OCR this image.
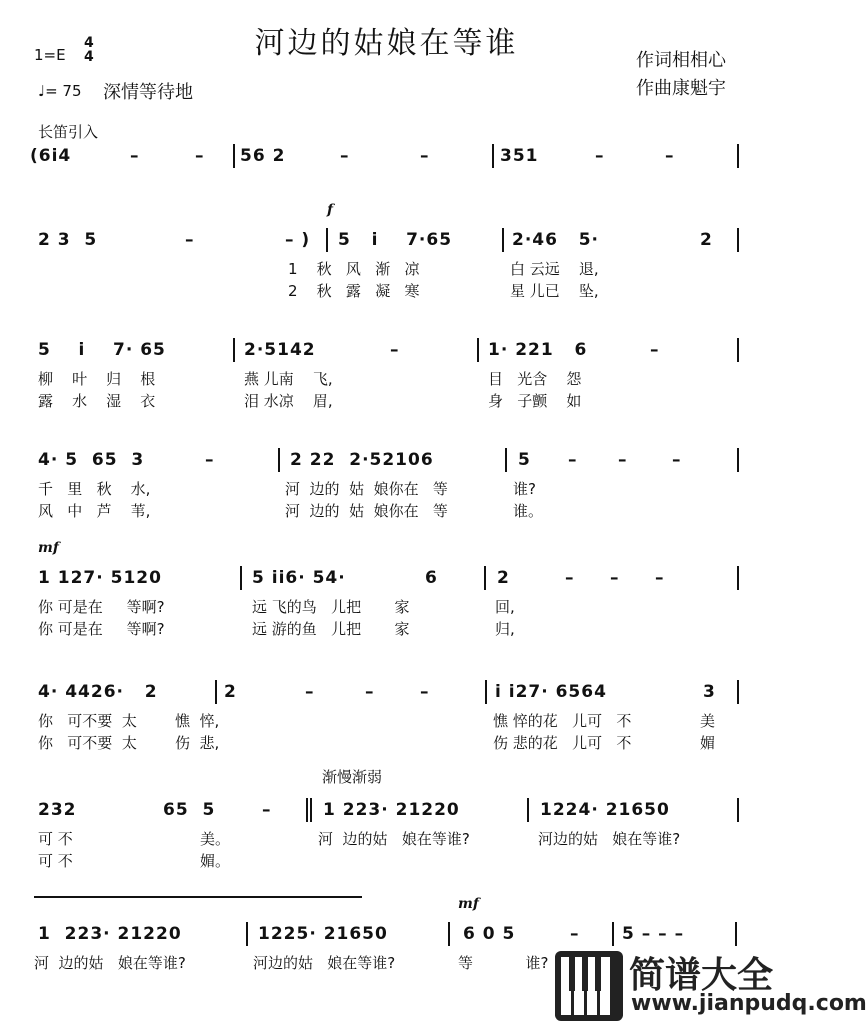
河边的姑娘在等谁
1=E
4
4
♩= 75 深情等待地
作词相相心
作曲康魁宇
长笛引入
(6i4	–	– 56 2	–	–	351	–	–
f
2 3  5	–	– ) 5   i    7·65	2·46   5·	2
1    秋   风   渐   凉	白 云远    退,
2    秋   露   凝   寒	星 儿已    坠,
5    i    7· 65	2·5142	–	1· 221   6	–
柳    叶    归    根	燕 儿南    飞,	目   光含    怨
露    水    湿    衣	泪 水凉    眉,	身   子颤    如
4· 5  65  3	–	2 22  2·52106	5 – –	–
千   里   秋    水,	河  边的  姑  娘你在   等	谁?
风   中   芦    苇,	河  边的  姑  娘你在   等	谁。
mf
1 127· 5120	5 ii6· 54·	6	2	– – –
你 可是在     等啊?	远 飞的鸟   儿把       家	回,
你 可是在     等啊?	远 游的鱼   儿把       家	归,
4· 4426·   2	2	–	–	–	i i27· 6564	3
你   可不要  太        憔  悴,	憔 悴的花   儿可   不	美
你   可不要  太        伤  悲,	伤 悲的花   儿可   不	媚
渐慢渐弱
232	65  5	–	1 223· 21220	1224· 21650
可 不	美。	河  边的姑   娘在等谁?	河边的姑   娘在等谁?
可 不	媚。
mf
1  223· 21220	1225· 21650	6 0 5	–	5 – – –
河  边的姑   娘在等谁?	河边的姑   娘在等谁?	等           谁? 简谱大全
www.jianpudq.com
